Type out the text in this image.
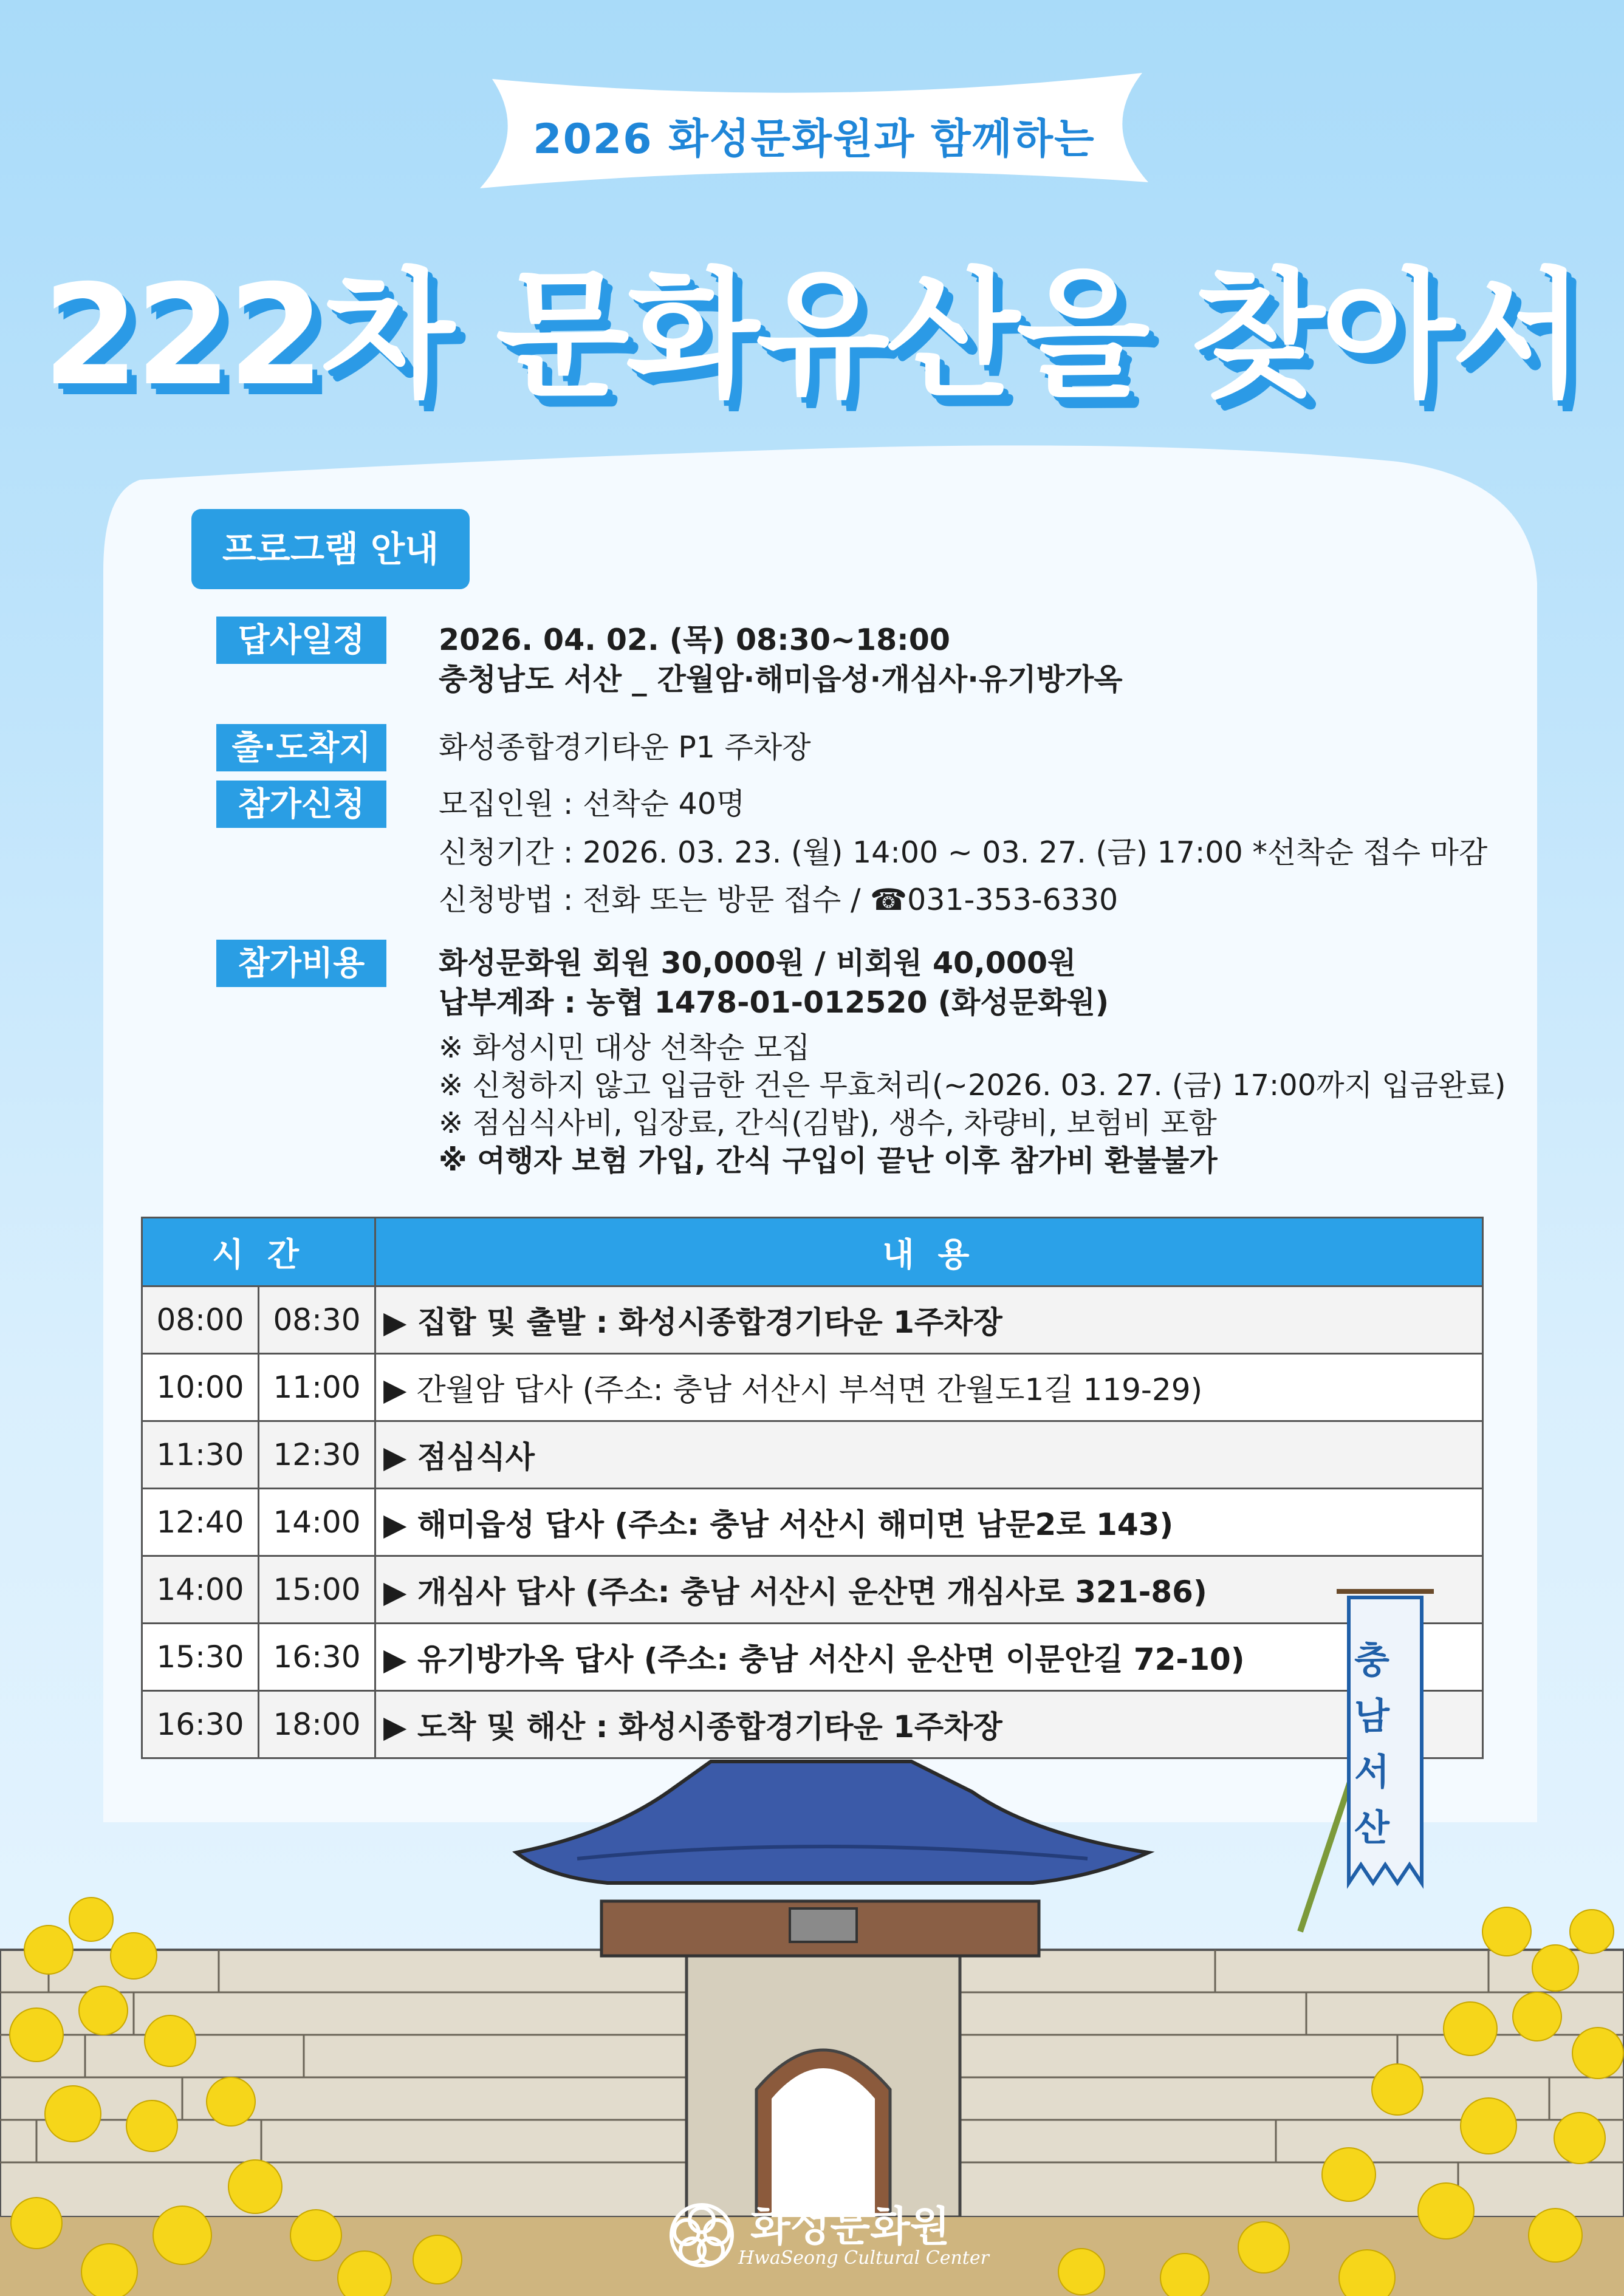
2026 화성문화원과 함께하는
222차 문화유산을 찾아서
프로그램 안내
답사일정	2026. 04. 02. (목) 08:30~18:00
충청남도 서산 _ 간월암·해미읍성·개심사·유기방가옥
출·도착지	화성종합경기타운 P1 주차장
참가신청	모집인원 : 선착순 40명
신청기간 : 2026. 03. 23. (월) 14:00 ~ 03. 27. (금) 17:00 *선착순 접수 마감
신청방법 : 전화 또는 방문 접수 / ☎031-353-6330
참가비용	화성문화원 회원 30,000원 / 비회원 40,000원
납부계좌 : 농협 1478-01-012520 (화성문화원)
※ 화성시민 대상 선착순 모집
※ 신청하지 않고 입금한 건은 무효처리(~2026. 03. 27. (금) 17:00까지 입금완료)
※ 점심식사비, 입장료, 간식(김밥), 생수, 차량비, 보험비 포함
※ 여행자 보험 가입, 간식 구입이 끝난 이후 참가비 환불불가
시 간		내 용
08:00	08:30	▶ 집합 및 출발 : 화성시종합경기타운 1주차장
10:00	11:00	▶ 간월암 답사 (주소: 충남 서산시 부석면 간월도1길 119-29)
11:30	12:30	▶ 점심식사
12:40	14:00	▶ 해미읍성 답사 (주소: 충남 서산시 해미면 남문2로 143)
14:00	15:00	▶ 개심사 답사 (주소: 충남 서산시 운산면 개심사로 321-86)
15:30	16:30	▶ 유기방가옥 답사 (주소: 충남 서산시 운산면 이문안길 72-10)
16:30	18:00	▶ 도착 및 해산 : 화성시종합경기타운 1주차장
충남서산
화성문화원
HwaSeong Cultural Center
